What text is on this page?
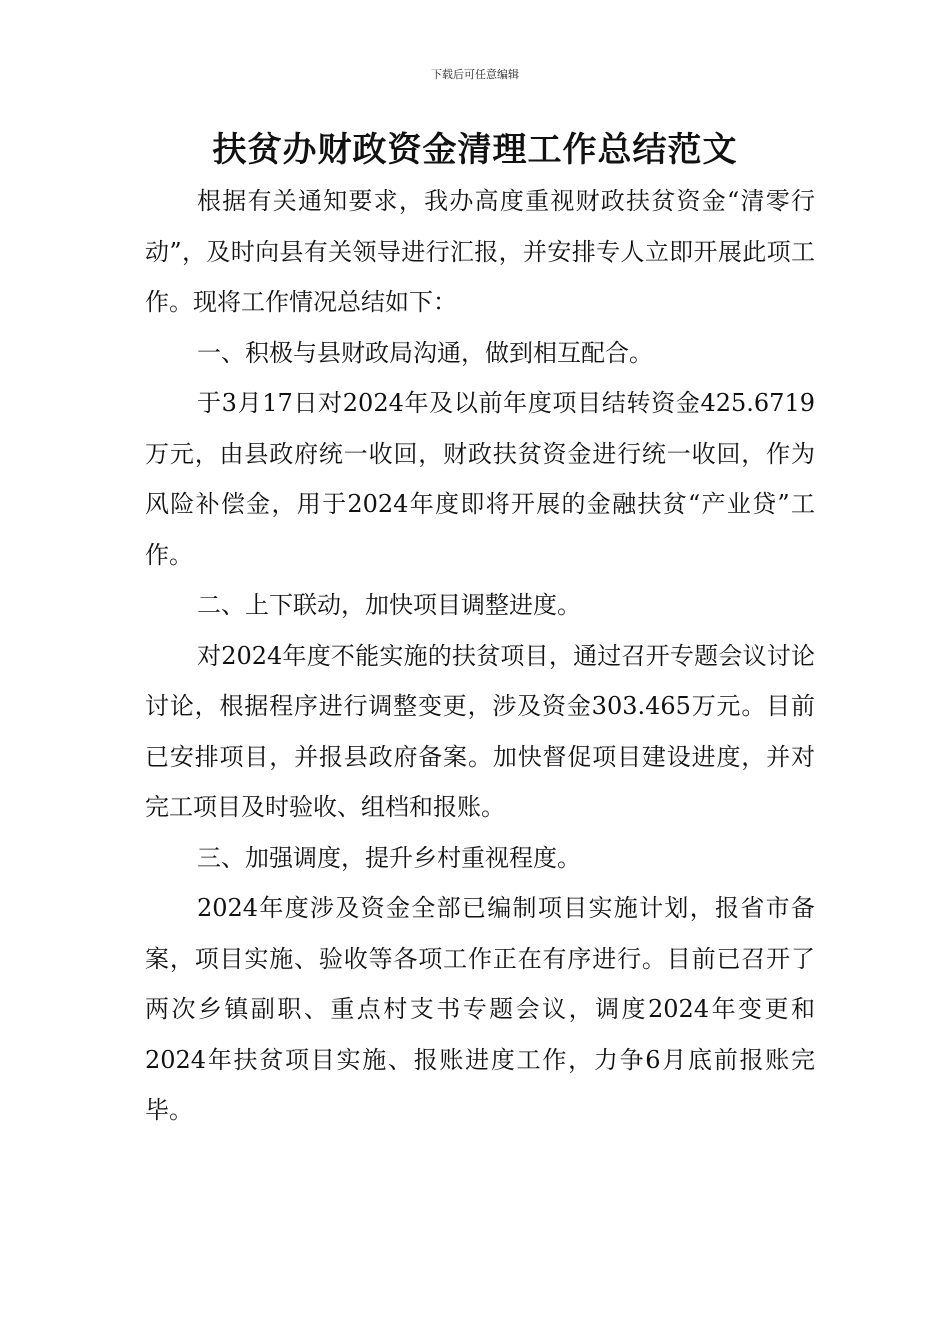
下载后可任意编辑
扶贫办财政资金清理工作总结范文

根据有关通知要求，我办高度重视财政扶贫资金“清零行动”，及时向县有关领导进行汇报，并安排专人立即开展此项工作。现将工作情况总结如下：

一、积极与县财政局沟通，做到相互配合。

于3月17日对2024年及以前年度项目结转资金425.6719万元，由县政府统一收回，财政扶贫资金进行统一收回，作为风险补偿金，用于2024年度即将开展的金融扶贫“产业贷”工作。

二、上下联动，加快项目调整进度。

对2024年度不能实施的扶贫项目，通过召开专题会议讨论讨论，根据程序进行调整变更，涉及资金303.465万元。目前已安排项目，并报县政府备案。加快督促项目建设进度，并对完工项目及时验收、组档和报账。

三、加强调度，提升乡村重视程度。

2024年度涉及资金全部已编制项目实施计划，报省市备案，项目实施、验收等各项工作正在有序进行。目前已召开了两次乡镇副职、重点村支书专题会议，调度2024年变更和2024年扶贫项目实施、报账进度工作，力争6月底前报账完毕。
